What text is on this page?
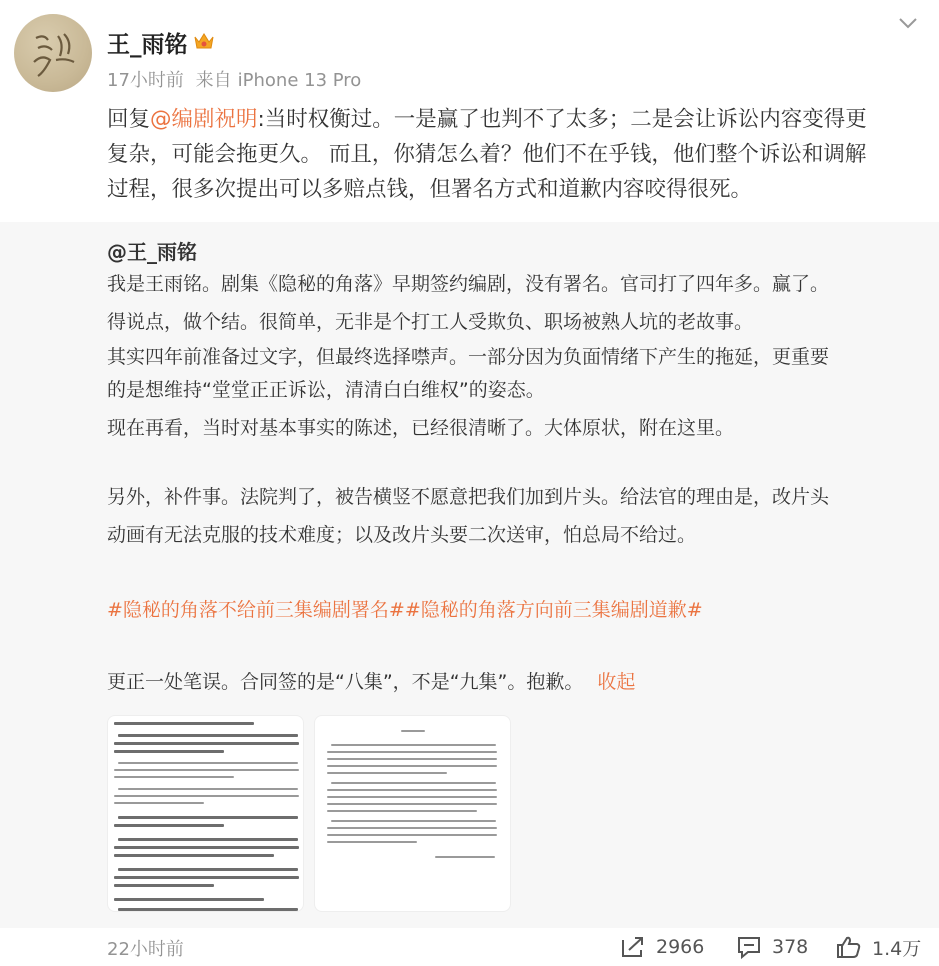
王_雨铭
17小时前 来自 iPhone 13 Pro
回复@编剧祝明:当时权衡过。一是赢了也判不了太多；二是会让诉讼内容变得更
复杂，可能会拖更久。 而且，你猜怎么着？他们不在乎钱，他们整个诉讼和调解
过程，很多次提出可以多赔点钱，但署名方式和道歉内容咬得很死。
@王_雨铭
我是王雨铭。剧集《隐秘的角落》早期签约编剧，没有署名。官司打了四年多。赢了。
得说点，做个结。很简单，无非是个打工人受欺负、职场被熟人坑的老故事。
其实四年前准备过文字，但最终选择噤声。一部分因为负面情绪下产生的拖延，更重要
的是想维持“堂堂正正诉讼，清清白白维权”的姿态。
现在再看，当时对基本事实的陈述，已经很清晰了。大体原状，附在这里。
另外，补件事。法院判了，被告横竖不愿意把我们加到片头。给法官的理由是，改片头
动画有无法克服的技术难度；以及改片头要二次送审，怕总局不给过。
#隐秘的角落不给前三集编剧署名##隐秘的角落方向前三集编剧道歉#
更正一处笔误。合同签的是“八集”，不是“九集”。抱歉。 收起
22小时前	2966	378	1.4万
